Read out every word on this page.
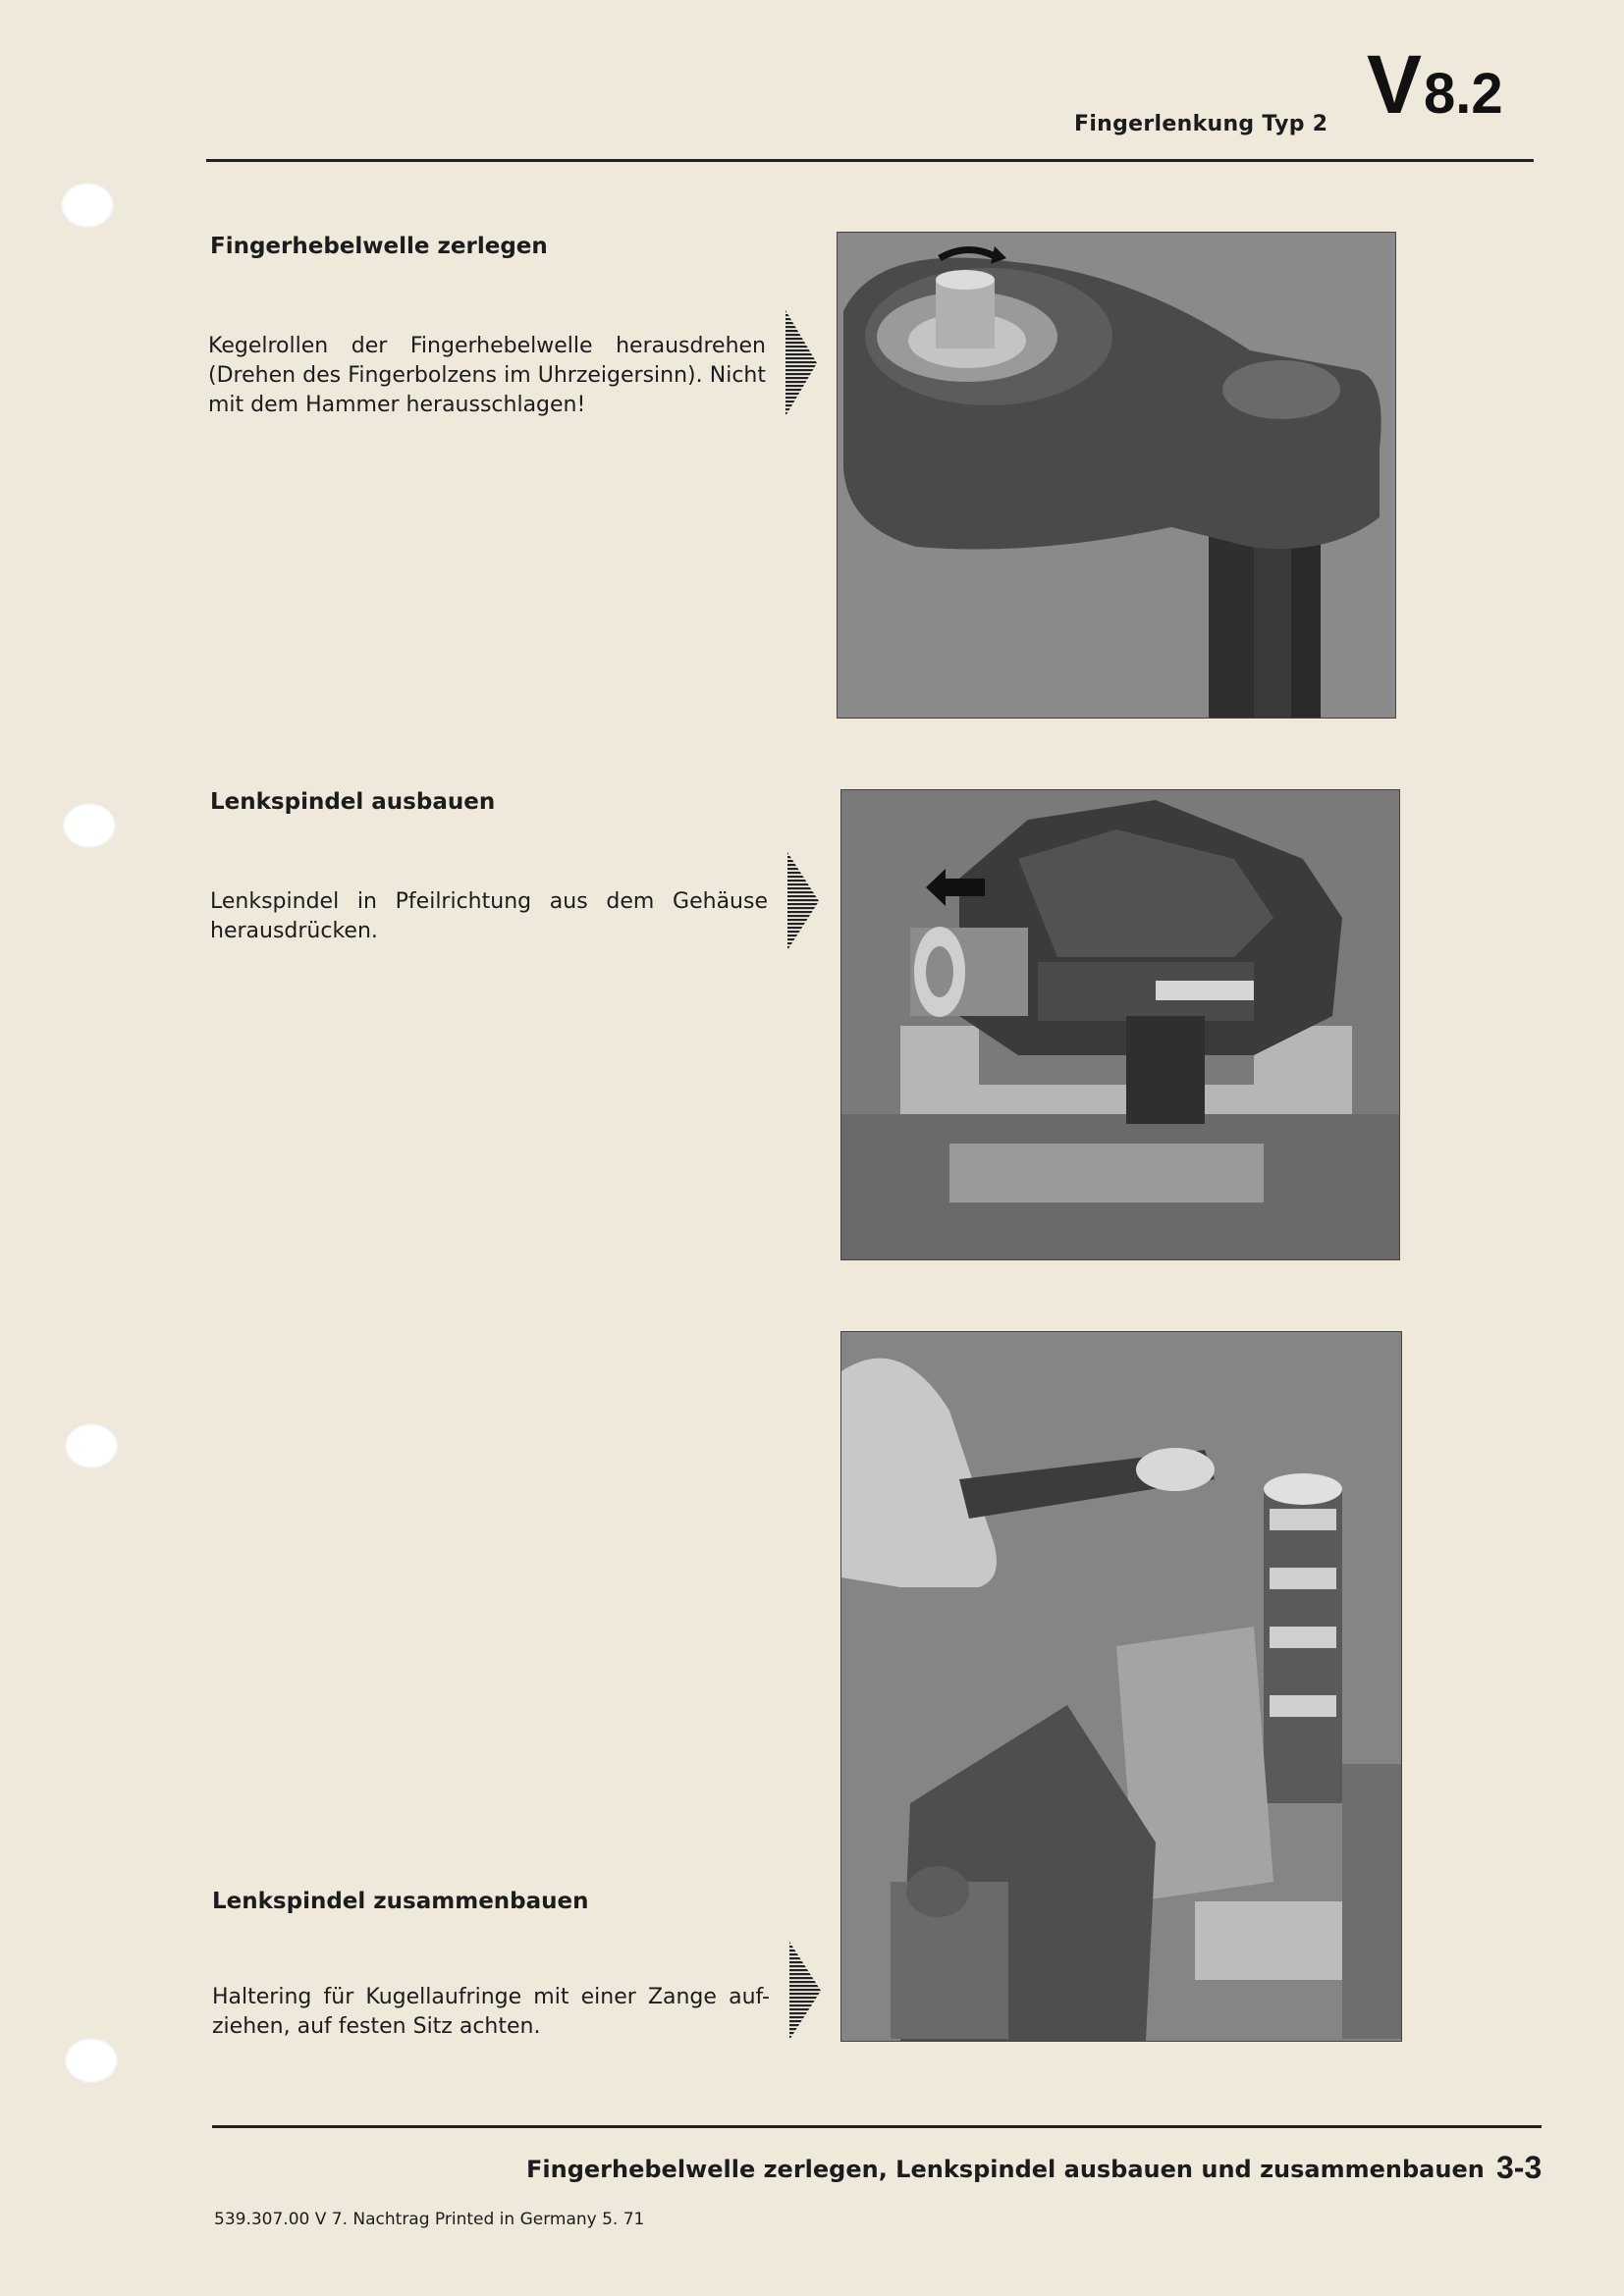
Fingerlenkung Typ 2 V8.2
Fingerhebelwelle zerlegen
Kegelrollen der Fingerhebelwelle herausdrehen (Drehen des Fingerbolzens im Uhrzeigersinn). Nicht mit dem Hammer herausschlagen!
Lenkspindel ausbauen
Lenkspindel in Pfeilrichtung aus dem Gehäuse herausdrücken.
Lenkspindel zusammenbauen
Haltering für Kugellaufringe mit einer Zange auf- ziehen, auf festen Sitz achten.
Fingerhebelwelle zerlegen, Lenkspindel ausbauen und zusammenbauen 3-3
539.307.00 V 7. Nachtrag Printed in Germany 5. 71
